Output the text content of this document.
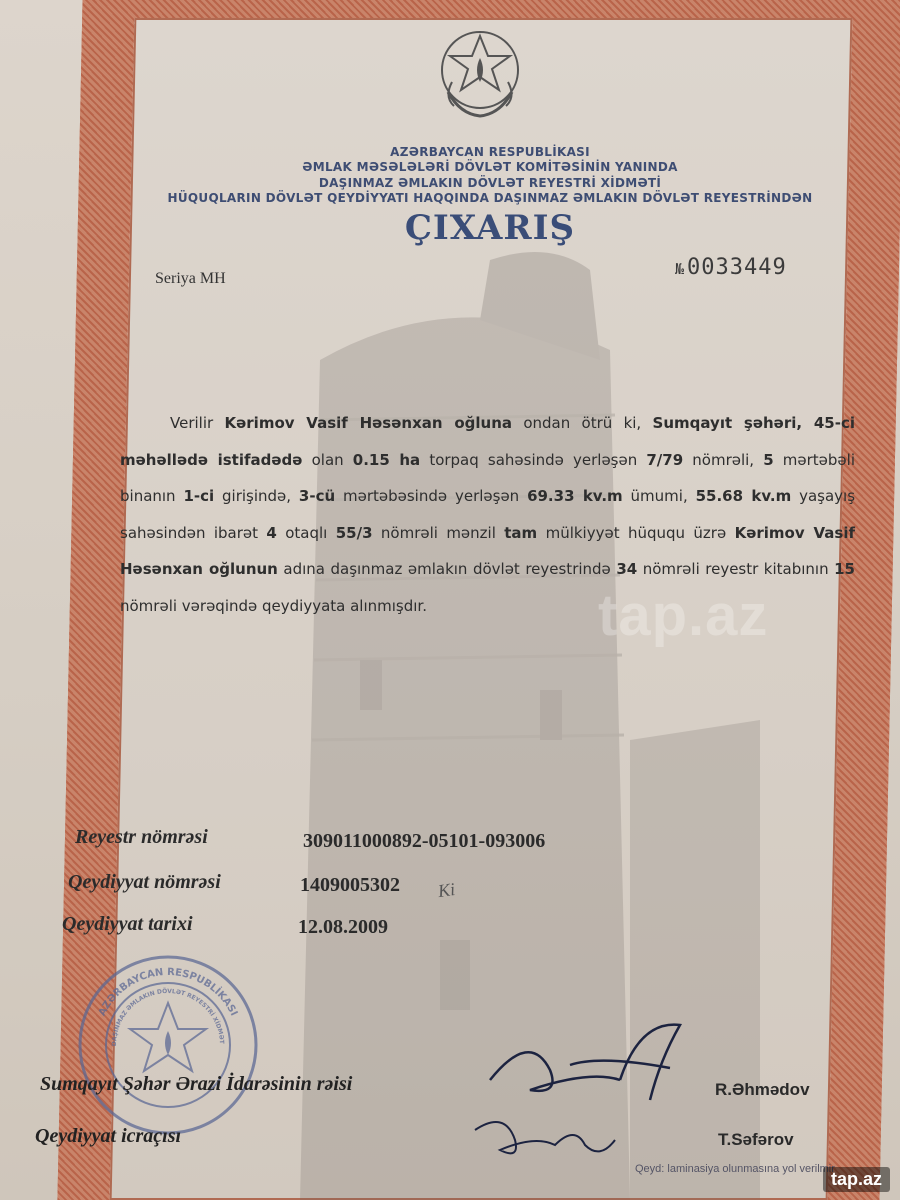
AZƏRBAYCAN RESPUBLİKASI
ƏMLAK MƏSƏLƏLƏRİ DÖVLƏT KOMİTƏSİNİN YANINDA
DAŞINMAZ ƏMLAKIN DÖVLƏT REYESTRİ XİDMƏTİ
HÜQUQLARIN DÖVLƏT QEYDİYYATI HAQQINDA DAŞINMAZ ƏMLAKIN DÖVLƏT REYESTRİNDƏN
ÇIXARIŞ
Seriya MH
№0033449

Verilir Kərimov Vasif Həsənxan oğluna ondan ötrü ki, Sumqayıt şəhəri, 45-ci məhəllədə istifadədə olan 0.15 ha torpaq sahəsində yerləşən 7/79 nömrəli, 5 mərtəbəli binanın 1-ci girişində, 3-cü mərtəbəsində yerləşən 69.33 kv.m ümumi, 55.68 kv.m yaşayış sahəsindən ibarət 4 otaqlı 55/3 nömrəli mənzil tam mülkiyyət hüququ üzrə Kərimov Vasif Həsənxan oğlunun adına daşınmaz əmlakın dövlət reyestrində 34 nömrəli reyestr kitabının 15 nömrəli vərəqində qeydiyyata alınmışdır.

Reyestr nömrəsi	309011000892-05101-093006
Qeydiyyat nömrəsi	1409005302
Qeydiyyat tarixi	12.08.2009
Ki
AZƏRBAYCAN RESPUBLİKASI
DAŞINMAZ ƏMLAKIN DÖVLƏT REYESTRİ XİDMƏT
Sumqayıt Şəhər Ərazi İdarəsinin rəisi	R.Əhmədov
Qeydiyyat icraçısı	T.Səfərov
Qeyd: laminasiya olunmasına yol verilmir
tap.az
tap.az
